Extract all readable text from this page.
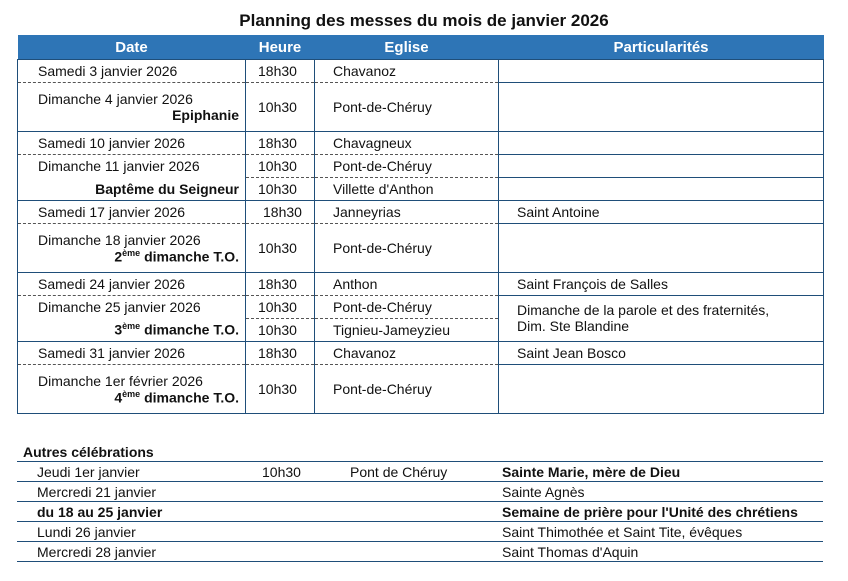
Planning des messes du mois de janvier 2026
Date	Heure	Eglise	Particularités
Samedi 3 janvier 2026	18h30	Chavanoz	

Dimanche 4 janvier 2026
Epiphanie	10h30	Pont-de-Chéruy	
Samedi 10 janvier 2026	18h30	Chavagneux	
Dimanche 11 janvier 2026	10h30	Pont-de-Chéruy	

Baptême du Seigneur	10h30	Villette d'Anthon	
Samedi 17 janvier 2026	18h30	Janneyrias	Saint Antoine

Dimanche 18 janvier 2026
2ème dimanche T.O.	10h30	Pont-de-Chéruy	
Samedi 24 janvier 2026	18h30	Anthon	Saint François de Salles
Dimanche 25 janvier 2026	10h30	Pont-de-Chéruy	Dimanche de la parole et des fraternités,
Dim. Ste Blandine

3ème dimanche T.O.	10h30	Tignieu-Jameyzieu	
Samedi 31 janvier 2026	18h30	Chavanoz	Saint Jean Bosco

Dimanche 1er février 2026
4ème dimanche T.O.	10h30	Pont-de-Chéruy	
Autres célébrations
Jeudi 1er janvier	10h30	Pont de Chéruy	Sainte Marie, mère de Dieu
Mercredi 21 janvier			Sainte Agnès
du 18 au 25 janvier			Semaine de prière pour l'Unité des chrétiens
Lundi 26 janvier			Saint Thimothée et Saint Tite, évêques
Mercredi 28 janvier			Saint Thomas d'Aquin
